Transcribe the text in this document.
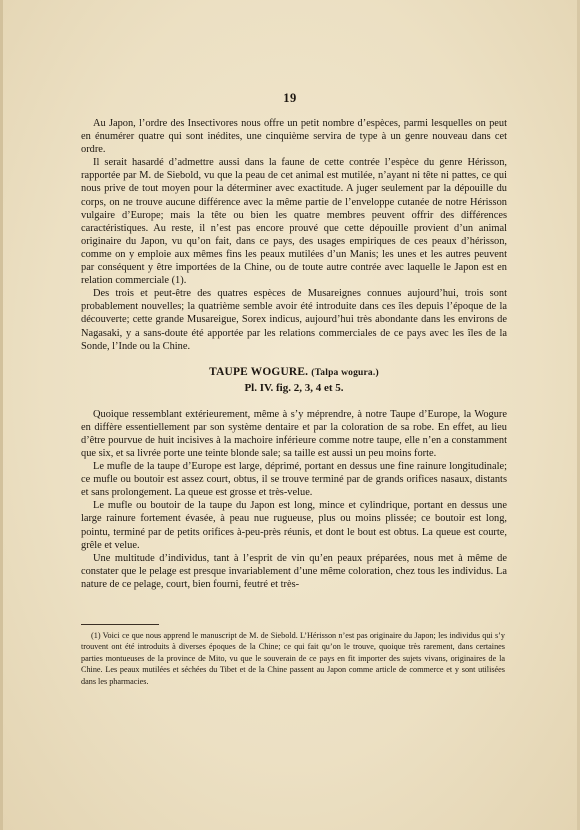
19

Au Japon, l’ordre des Insectivores nous offre un petit nombre d’espèces, parmi lesquelles on peut en énumérer quatre qui sont inédites, une cinquième servira de type à un genre nouveau dans cet ordre.

Il serait hasardé d’admettre aussi dans la faune de cette contrée l’espèce du genre Hérisson, rapportée par M. de Siebold, vu que la peau de cet animal est mutilée, n’ayant ni tête ni pattes, ce qui nous prive de tout moyen pour la déterminer avec exactitude. A juger seulement par la dépouille du corps, on ne trouve aucune différence avec la même partie de l’enveloppe cutanée de notre Hérisson vulgaire d’Europe; mais la tête ou bien les quatre membres peuvent offrir des différences caractéristiques. Au reste, il n’est pas encore prouvé que cette dépouille provient d’un animal originaire du Japon, vu qu’on fait, dans ce pays, des usages empiriques de ces peaux d’hérisson, comme on y emploie aux mêmes fins les peaux mutilées d’un Manis; les unes et les autres peuvent par conséquent y être importées de la Chine, ou de toute autre contrée avec laquelle le Japon est en relation commerciale (1).

Des trois et peut-être des quatres espèces de Musareignes connues aujourd’hui, trois sont probablement nouvelles; la quatrième semble avoir été introduite dans ces îles depuis l’époque de la découverte; cette grande Musareigue, Sorex indicus, aujourd’hui très abondante dans les environs de Nagasaki, y a sans-doute été apportée par les relations commerciales de ce pays avec les îles de la Sonde, l’Inde ou la Chine.

TAUPE WOGURE. (Talpa wogura.)
Pl. IV. fig. 2, 3, 4 et 5.

Quoique ressemblant extérieurement, même à s’y méprendre, à notre Taupe d’Europe, la Wogure en diffère essentiellement par son système dentaire et par la coloration de sa robe. En effet, au lieu d’être pourvue de huit incisives à la machoire inférieure comme notre taupe, elle n’en a constamment que six, et sa livrée porte une teinte blonde sale; sa taille est aussi un peu moins forte.

Le mufle de la taupe d’Europe est large, déprimé, portant en dessus une fine rainure longitudinale; ce mufle ou boutoir est assez court, obtus, il se trouve terminé par de grands orifices nasaux, distants et sans prolongement. La queue est grosse et très-velue.

Le mufle ou boutoir de la taupe du Japon est long, mince et cylindrique, portant en dessus une large rainure fortement évasée, à peau nue rugueuse, plus ou moins plissée; ce boutoir est long, pointu, terminé par de petits orifices à-peu-près réunis, et dont le bout est obtus. La queue est courte, grêle et velue.

Une multitude d’individus, tant à l’esprit de vin qu’en peaux préparées, nous met à même de constater que le pelage est presque invariablement d’une même coloration, chez tous les individus. La nature de ce pelage, court, bien fourni, feutré et très-

(1) Voici ce que nous apprend le manuscript de M. de Siebold. L’Hérisson n’est pas originaire du Japon; les individus qui s’y trouvent ont été introduits à diverses époques de la Chine; ce qui fait qu’on le trouve, quoique très rarement, dans certaines parties montueuses de la province de Mito, vu que le souverain de ce pays en fit importer des sujets vivans, originaires de la Chine. Les peaux mutilées et séchées du Tibet et de la Chine passent au Japon comme article de commerce et y sont utilisées dans les pharmacies.
